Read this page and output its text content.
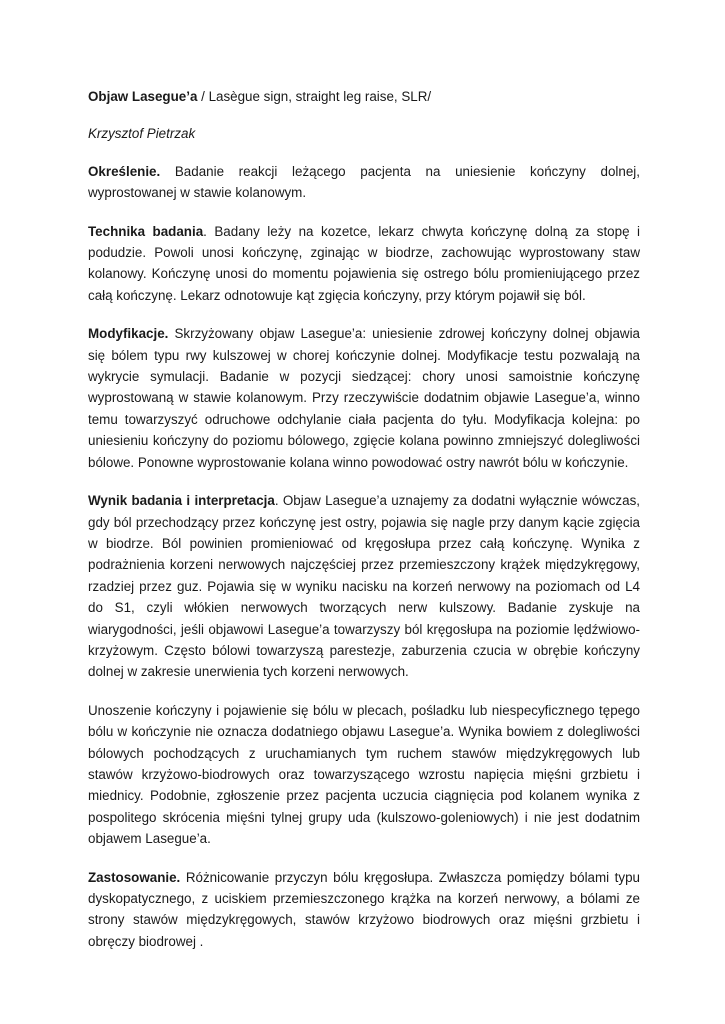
Objaw Lasegue’a / Lasègue sign, straight leg raise, SLR/

Krzysztof Pietrzak

Określenie. Badanie reakcji leżącego pacjenta na uniesienie kończyny dolnej, wyprostowanej w stawie kolanowym.

Technika badania. Badany leży na kozetce, lekarz chwyta kończynę dolną za stopę i podudzie. Powoli unosi kończynę, zginając w biodrze, zachowując wyprostowany staw kolanowy. Kończynę unosi do momentu pojawienia się ostrego bólu promieniującego przez całą kończynę. Lekarz odnotowuje kąt zgięcia kończyny, przy którym pojawił się ból.

Modyfikacje. Skrzyżowany objaw Lasegue’a: uniesienie zdrowej kończyny dolnej objawia się bólem typu rwy kulszowej w chorej kończynie dolnej. Modyfikacje testu pozwalają na wykrycie symulacji. Badanie w pozycji siedzącej: chory unosi samoistnie kończynę wyprostowaną w stawie kolanowym. Przy rzeczywiście dodatnim objawie Lasegue’a, winno temu towarzyszyć odruchowe odchylanie ciała pacjenta do tyłu. Modyfikacja kolejna: po uniesieniu kończyny do poziomu bólowego, zgięcie kolana powinno zmniejszyć dolegliwości bólowe. Ponowne wyprostowanie kolana winno powodować ostry nawrót bólu w kończynie.

Wynik badania i interpretacja. Objaw Lasegue’a uznajemy za dodatni wyłącznie wówczas, gdy ból przechodzący przez kończynę jest ostry, pojawia się nagle przy danym kącie zgięcia w biodrze. Ból powinien promieniować od kręgosłupa przez całą kończynę. Wynika z podrażnienia korzeni nerwowych najczęściej przez przemieszczony krążek międzykręgowy, rzadziej przez guz. Pojawia się w wyniku nacisku na korzeń nerwowy na poziomach od L4 do S1, czyli włókien nerwowych tworzących nerw kulszowy. Badanie zyskuje na wiarygodności, jeśli objawowi Lasegue’a towarzyszy ból kręgosłupa na poziomie lędźwiowo-krzyżowym. Często bólowi towarzyszą parestezje, zaburzenia czucia w obrębie kończyny dolnej w zakresie unerwienia tych korzeni nerwowych.

Unoszenie kończyny i pojawienie się bólu w plecach, pośladku lub niespecyficznego tępego bólu w kończynie nie oznacza dodatniego objawu Lasegue’a. Wynika bowiem z dolegliwości bólowych pochodzących z uruchamianych tym ruchem stawów międzykręgowych lub stawów krzyżowo-biodrowych oraz towarzyszącego wzrostu napięcia mięśni grzbietu i miednicy. Podobnie, zgłoszenie przez pacjenta uczucia ciągnięcia pod kolanem wynika z pospolitego skrócenia mięśni tylnej grupy uda (kulszowo-goleniowych) i nie jest dodatnim objawem Lasegue’a.

Zastosowanie. Różnicowanie przyczyn bólu kręgosłupa. Zwłaszcza pomiędzy bólami typu dyskopatycznego, z uciskiem przemieszczonego krążka na korzeń nerwowy, a bólami ze strony stawów międzykręgowych, stawów krzyżowo biodrowych oraz mięśni grzbietu i obręczy biodrowej .
